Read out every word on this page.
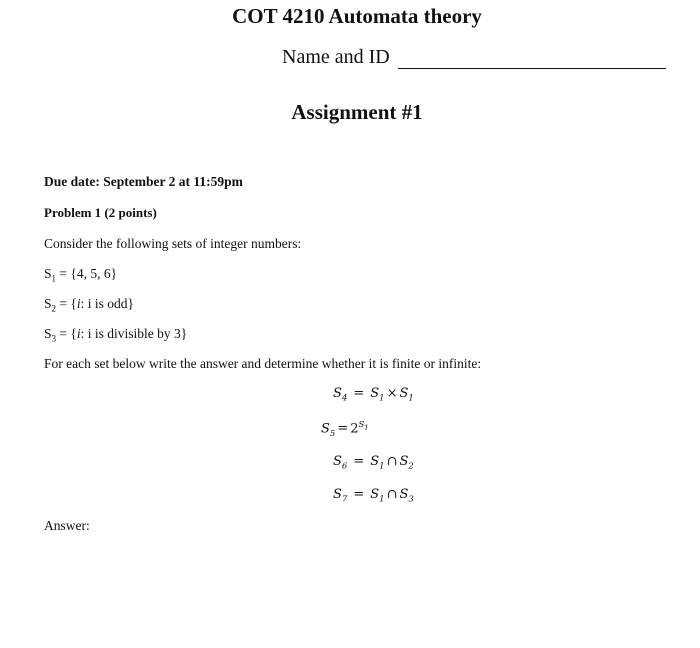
COT 4210 Automata theory
Name and ID
Assignment #1
Due date: September 2 at 11:59pm
Problem 1 (2 points)
Consider the following sets of integer numbers:
$S_1 = \{4$, 5, 6}
$S_2 = \{i$: i is odd}
$S_3 = \{i$: i is divisible by 3}
For each set below write the answer and determine whether it is finite or infinite:
$S_4 = S_1 \times S_1$
$S_5 = 2^{S_1}$
$S_6 = S_1$ ∩ $S_2$
$S_7 = S_1$ ∩ $S_3$
Answer:
